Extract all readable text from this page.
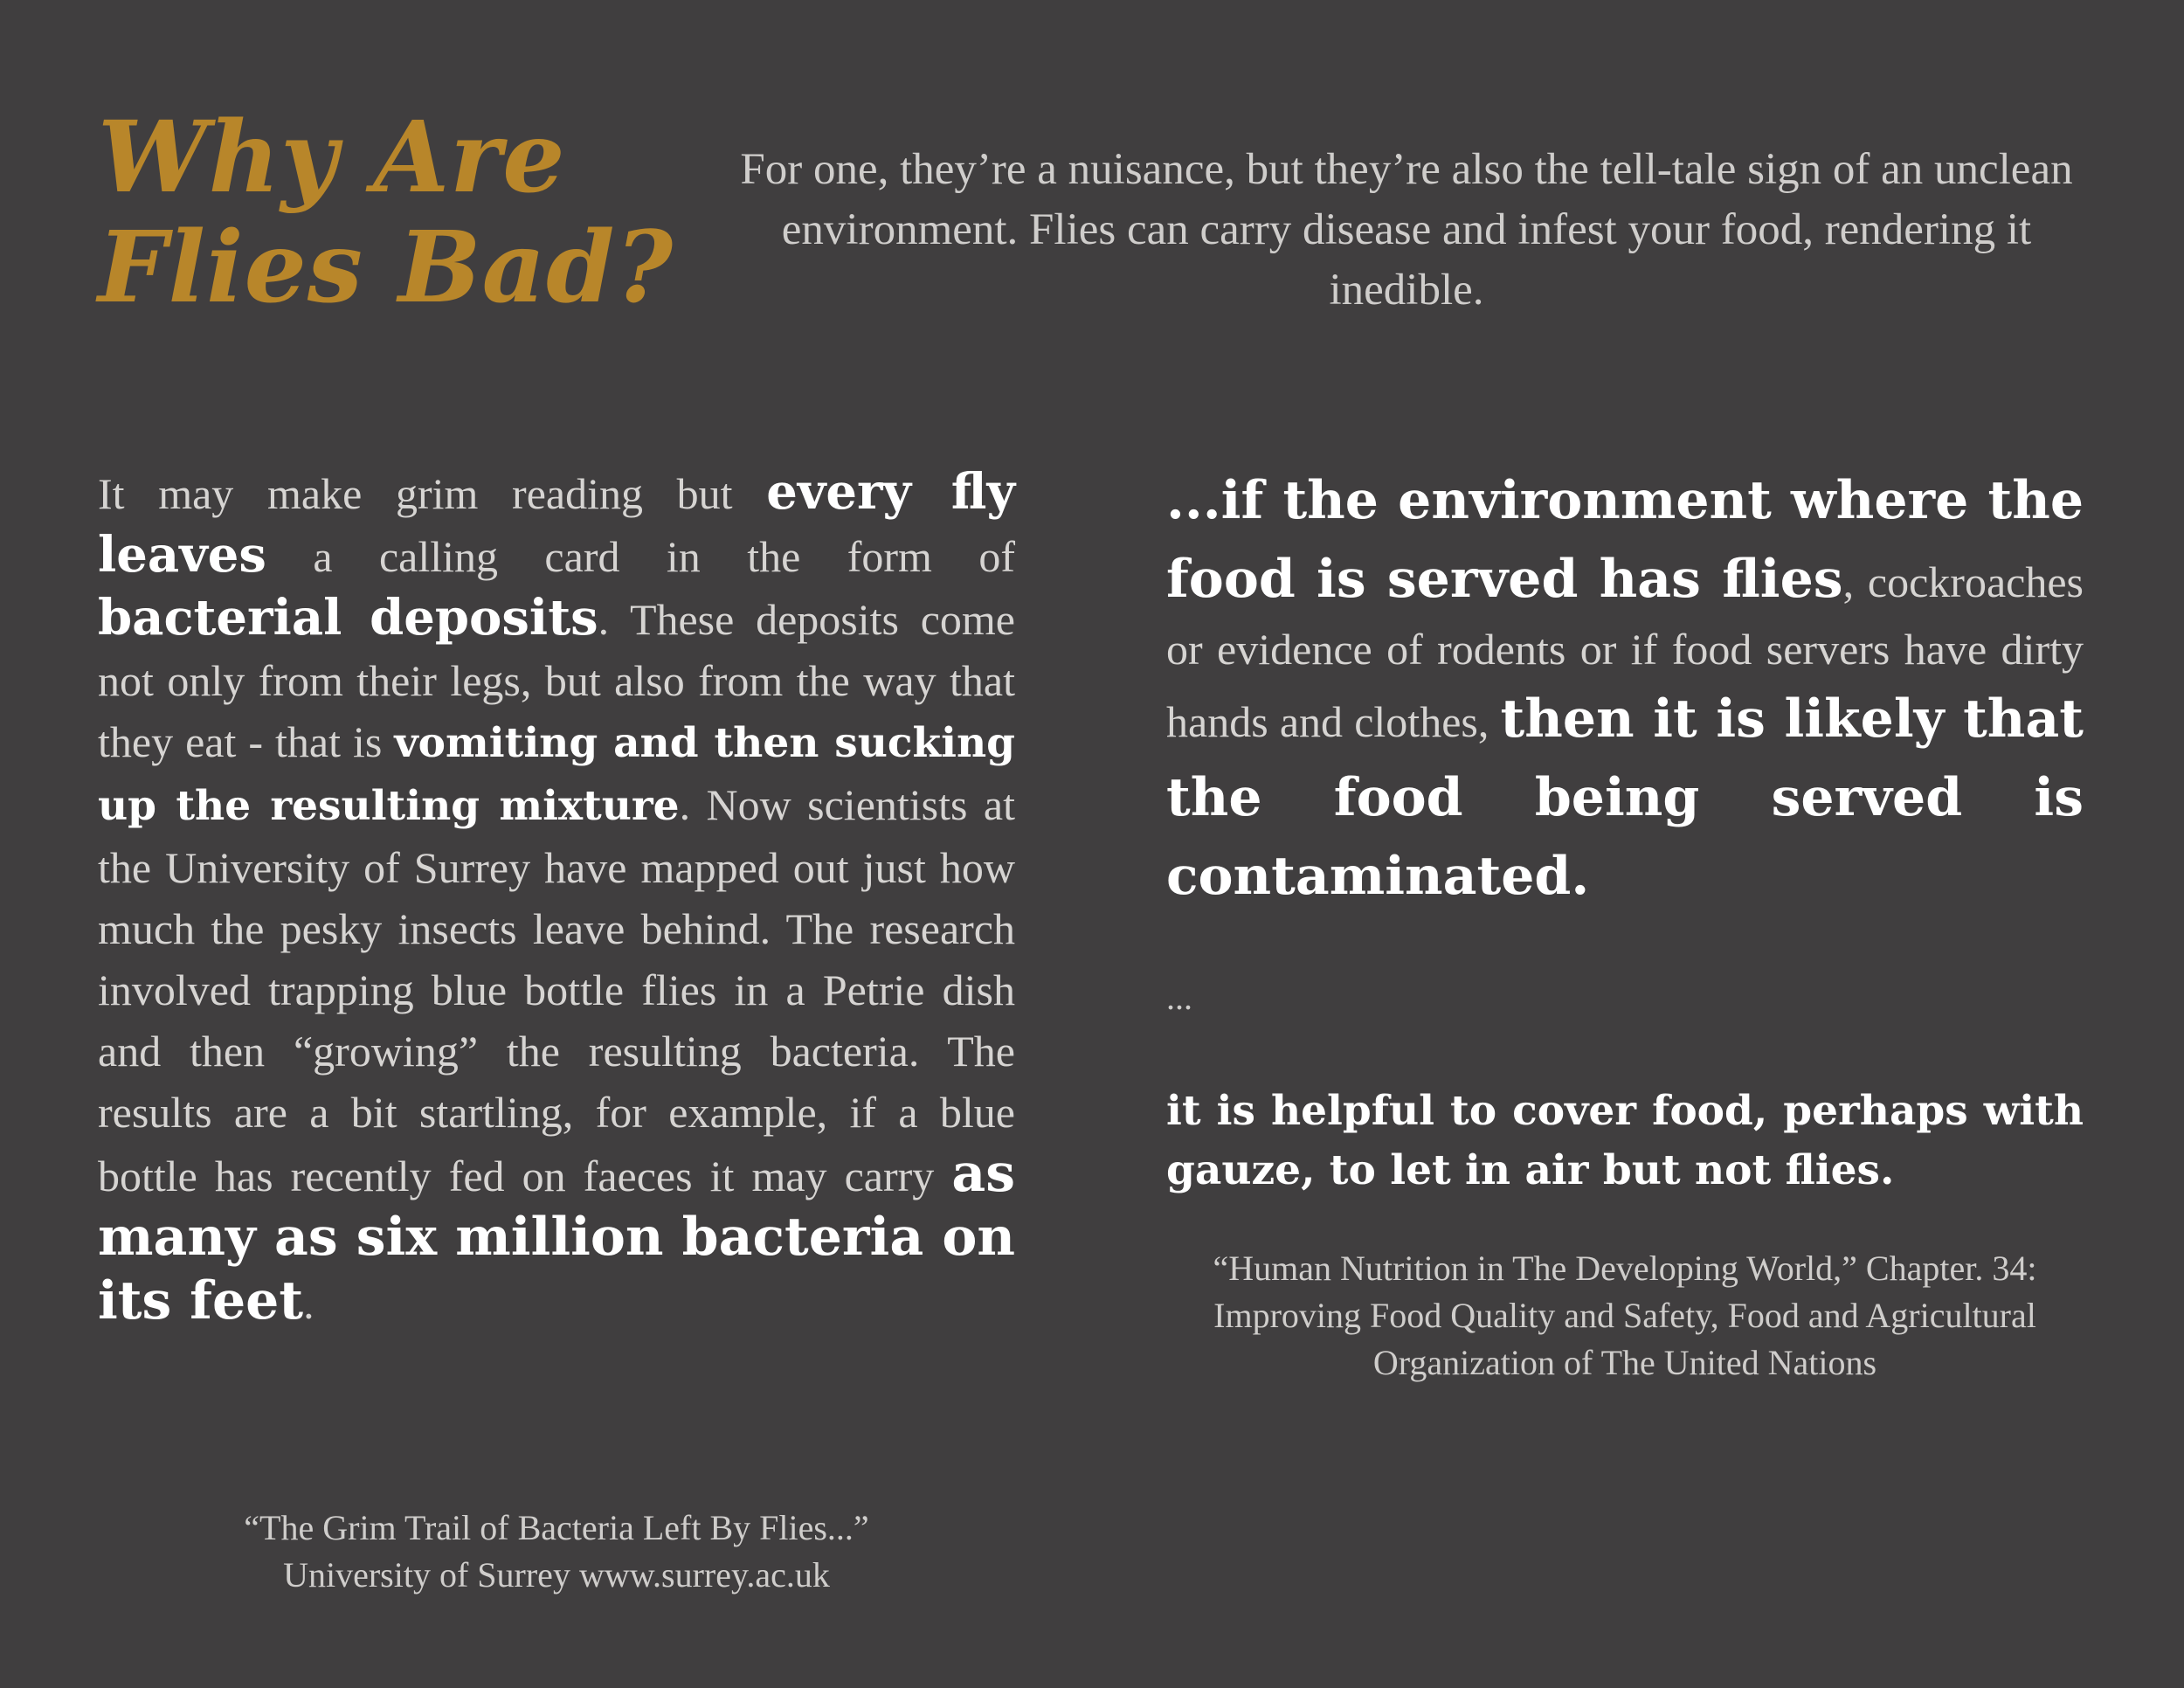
Why Are
Flies Bad?

For one, they’re a nuisance, but they’re also the tell-tale sign of an unclean environment. Flies can carry disease and infest your food, rendering it inedible.

It may make grim reading but every fly leaves a calling card in the form of bacterial deposits. These deposits come not only from their legs, but also from the way that they eat - that is vomiting and then sucking up the resulting mixture. Now scientists at the University of Surrey have mapped out just how much the pesky insects leave behind. The research involved trapping blue bottle flies in a Petrie dish and then “growing” the resulting bacteria. The results are a bit startling, for example, if a blue bottle has recently fed on faeces it may carry as many as six million bacteria on its feet.

“The Grim Trail of Bacteria Left By Flies...”
University of Surrey www.surrey.ac.uk

...if the environment where the food is served has flies, cockroaches or evidence of rodents or if food servers have dirty hands and clothes, then it is likely that the food being served is contaminated.

...

it is helpful to cover food, perhaps with gauze, to let in air but not flies.

“Human Nutrition in The Developing World,” Chapter. 34:
Improving Food Quality and Safety, Food and Agricultural
Organization of The United Nations
